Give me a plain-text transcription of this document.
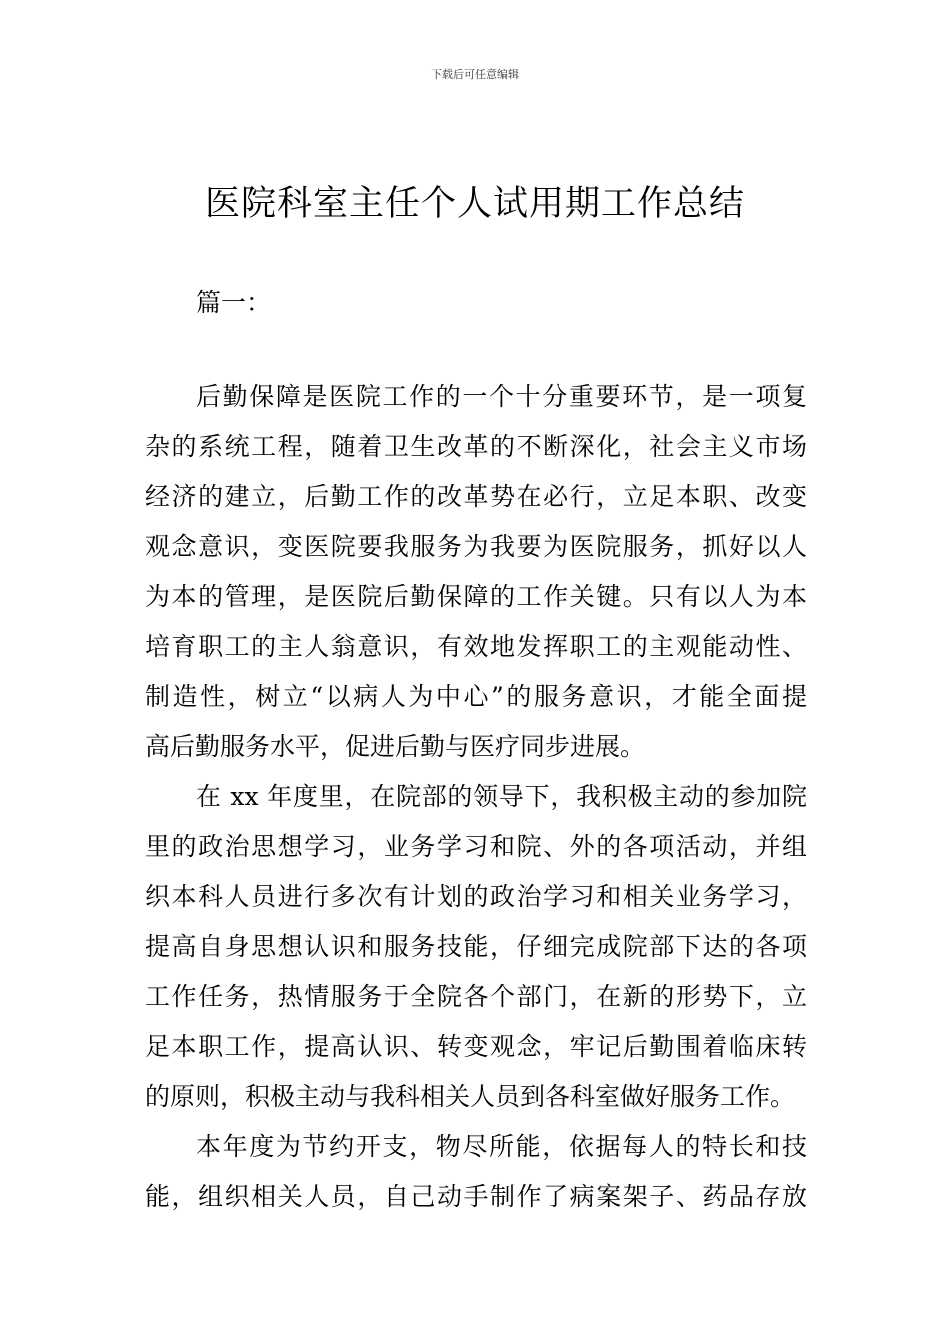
下载后可任意编辑
医院科室主任个人试用期工作总结
篇一：
后勤保障是医院工作的一个十分重要环节，是一项复
杂的系统工程，随着卫生改革的不断深化，社会主义市场
经济的建立，后勤工作的改革势在必行，立足本职、改变
观念意识，变医院要我服务为我要为医院服务，抓好以人
为本的管理，是医院后勤保障的工作关键。只有以人为本
培育职工的主人翁意识，有效地发挥职工的主观能动性、
制造性，树立“以病人为中心”的服务意识，才能全面提
高后勤服务水平，促进后勤与医疗同步进展。
在 xx 年度里，在院部的领导下，我积极主动的参加院
里的政治思想学习，业务学习和院、外的各项活动，并组
织本科人员进行多次有计划的政治学习和相关业务学习，
提高自身思想认识和服务技能，仔细完成院部下达的各项
工作任务，热情服务于全院各个部门，在新的形势下，立
足本职工作，提高认识、转变观念，牢记后勤围着临床转
的原则，积极主动与我科相关人员到各科室做好服务工作。
本年度为节约开支，物尽所能，依据每人的特长和技
能，组织相关人员，自己动手制作了病案架子、药品存放
